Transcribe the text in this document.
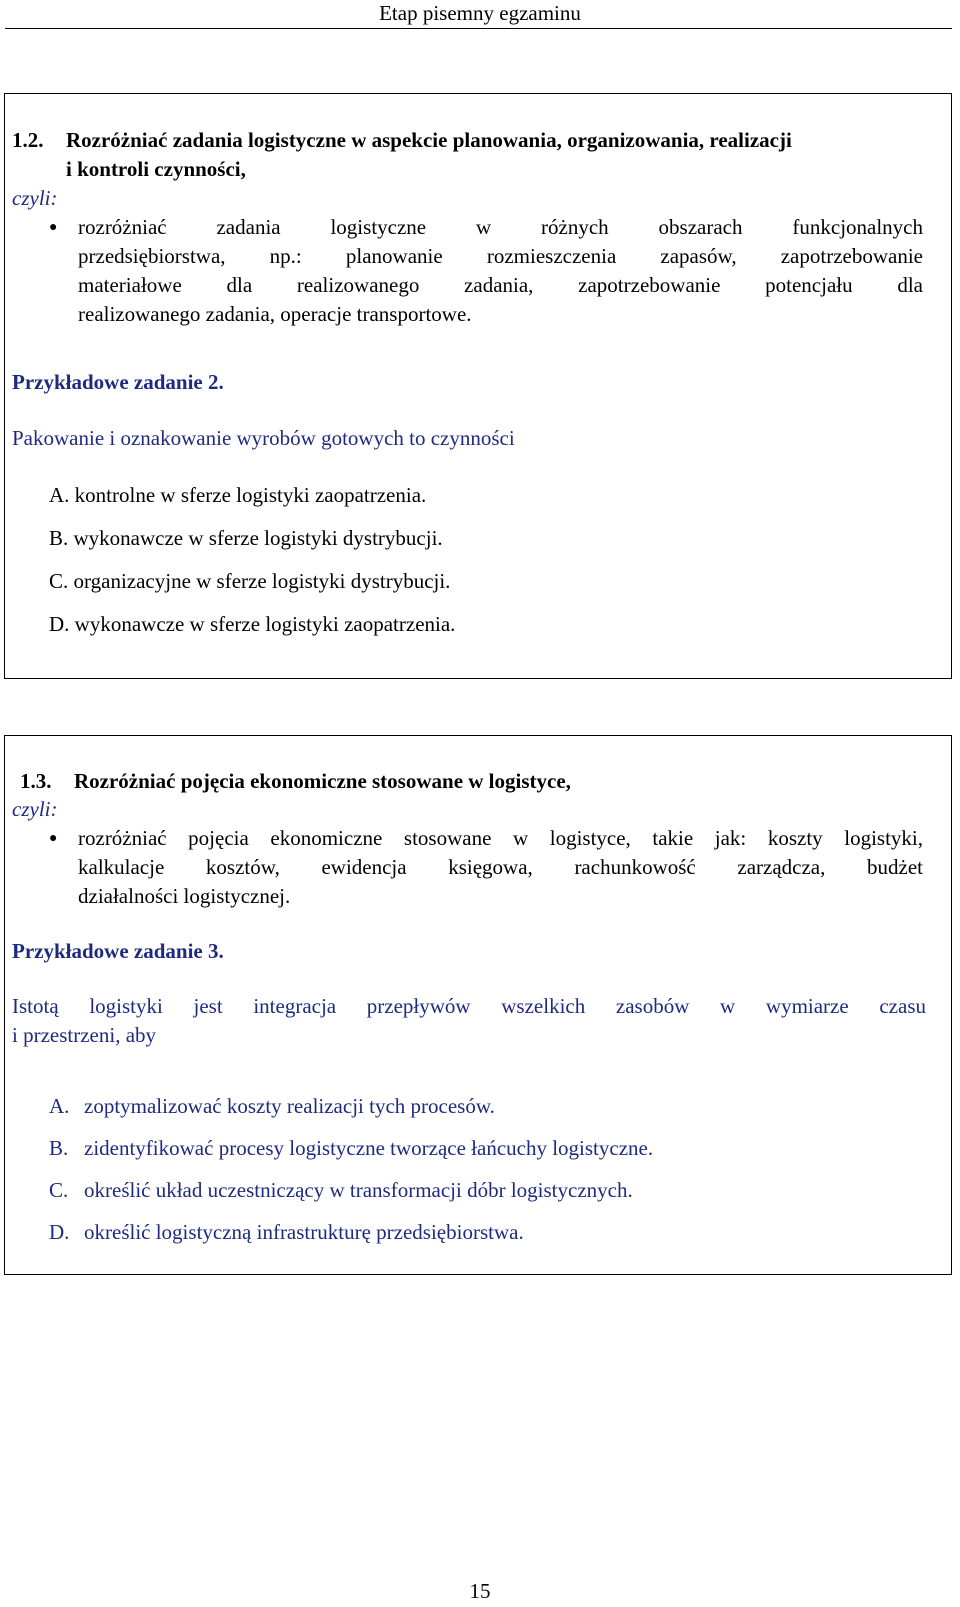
Etap pisemny egzaminu
1.2. Rozróżniać zadania logistyczne w aspekcie planowania, organizowania, realizacji
i kontroli czynności,
czyli:
● rozróżniać zadania logistyczne w różnych obszarach funkcjonalnych
przedsiębiorstwa, np.: planowanie rozmieszczenia zapasów, zapotrzebowanie
materiałowe dla realizowanego zadania, zapotrzebowanie potencjału dla
realizowanego zadania, operacje transportowe.
Przykładowe zadanie 2.
Pakowanie i oznakowanie wyrobów gotowych to czynności
A. kontrolne w sferze logistyki zaopatrzenia.
B. wykonawcze w sferze logistyki dystrybucji.
C. organizacyjne w sferze logistyki dystrybucji.
D. wykonawcze w sferze logistyki zaopatrzenia.
1.3. Rozróżniać pojęcia ekonomiczne stosowane w logistyce,
czyli:
● rozróżniać pojęcia ekonomiczne stosowane w logistyce, takie jak: koszty logistyki,
kalkulacje kosztów, ewidencja księgowa, rachunkowość zarządcza, budżet
działalności logistycznej.
Przykładowe zadanie 3.
Istotą logistyki jest integracja przepływów wszelkich zasobów w wymiarze czasu
i przestrzeni, aby
A. zoptymalizować koszty realizacji tych procesów.
B. zidentyfikować procesy logistyczne tworzące łańcuchy logistyczne.
C. określić układ uczestniczący w transformacji dóbr logistycznych.
D. określić logistyczną infrastrukturę przedsiębiorstwa.
15
